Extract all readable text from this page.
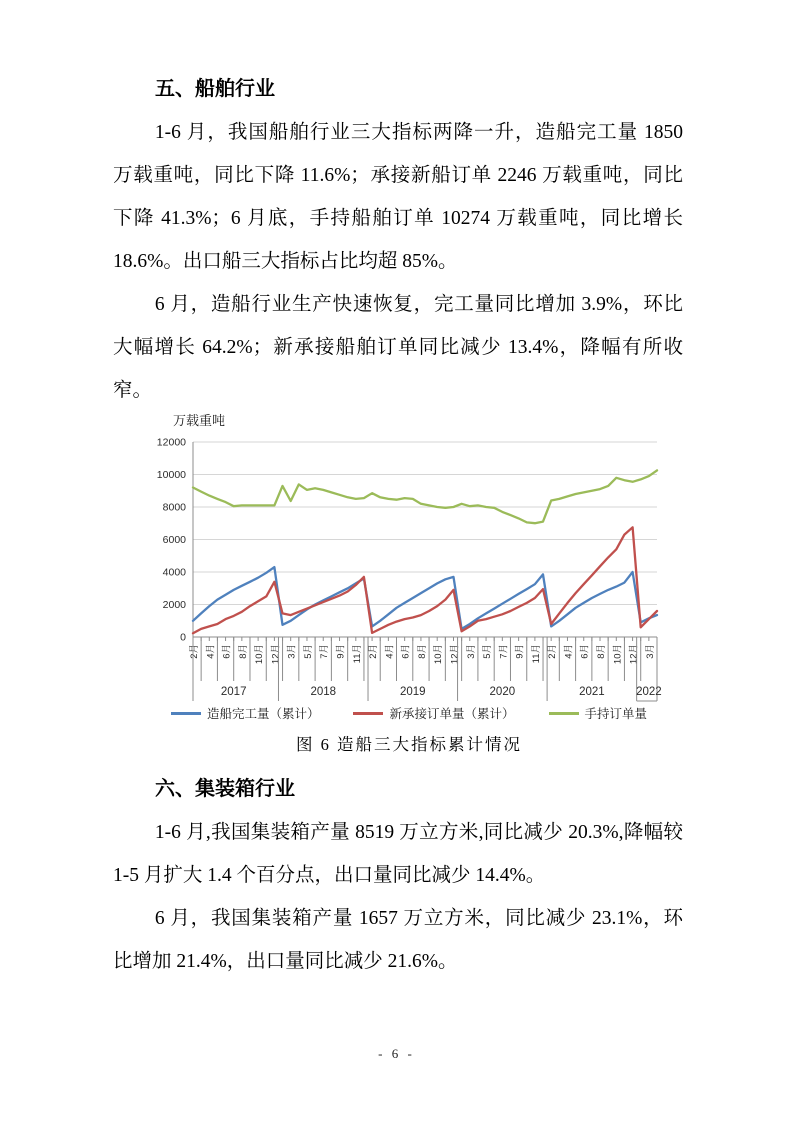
五、船舶行业

1-6 月，我国船舶行业三大指标两降一升，造船完工量 1850 万载重吨，同比下降 11.6%；承接新船订单 2246 万载重吨，同比下降 41.3%；6 月底，手持船舶订单 10274 万载重吨，同比增长 18.6%。出口船三大指标占比均超 85%。

6 月，造船行业生产快速恢复，完工量同比增加 3.9%，环比大幅增长 64.2%；新承接船舶订单同比减少 13.4%，降幅有所收窄。

万载重吨
0
2000
4000
6000
8000
10000
12000
2月 4月 6月 8月 10月 12月 3月 5月 7月 9月 11月 2月 4月 6月 8月 10月 12月 3月 5月 7月 9月 11月 2月 4月 6月 8月 10月 12月 3月
2017	2018	2019	2020	2021	2022
造船完工量（累计）	新承接订单量（累计）	手持订单量
图 6 造船三大指标累计情况
六、集装箱行业

1-6 月,我国集装箱产量 8519 万立方米,同比减少 20.3%,降幅较 1-5 月扩大 1.4 个百分点，出口量同比减少 14.4%。

6 月，我国集装箱产量 1657 万立方米，同比减少 23.1%，环比增加 21.4%，出口量同比减少 21.6%。

- 6 -
